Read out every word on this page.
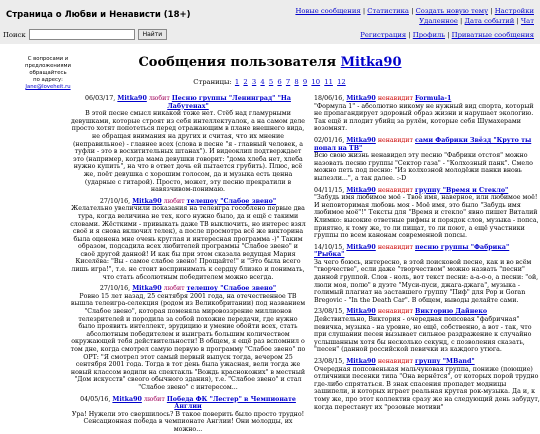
Страница о Любви и Ненависти (18+)	Новые сообщения | Статистика | Создать новую тему | Настройки
Удаленное | Дата событий | Чат
Поиск	Найти	Регистрация | Профиль | Приватные сообщения
С вопросами и
предложениями
обращайтесь
по адресу:
Jane@loveheit.ru
Сообщения пользователя Mitka90
Страницы: 1 2 3 4 5 6 7 8 9 10 11 12
06/03/17, Mitka90 любит Песню группы "Ленинград" "На Лабутенах"
В этой песне смысл никакой тоже нет. Стёб над гламурными девушками, которые строят из себя интеллектуалок, а на самом деле просто хотят попотеться перед отражающим в плане внешнего вида, не обращая внимания на других и считая, что их мнение (неправильное) - главнее всех (слова в песне "я - главный человек, а туфли - это в восхитительных штанах"). И видеоклип подтверждает это (например, когда мама девушки говорит: "дома хлеба нет, хлеба нужно купить", на что в ответ дочь ей пытается грубить). Плюс, всё же, поёт девушка с хорошим голосом, да и музыка есть ценна (ударные с гитарой). Просто, может, эту песню прекратили в навязчивом-понимаю.
27/10/16, Mitka90 любит телешоу "Слабое звено"
Желательно увеличили показания на телеигра гособлено первые два тура, когда величина не тех, кого нужно было, да и ещё с такими словами. Жёсткими - привыкать даже ТВ выключить, но интерес взял своё и я снова включил телек), а после просмотра всё же викторина была оценена мне очень круглая и интересная программа -)" Таким образом, подсадила всех любителей программы "Слабое звено" и своё другой данной! И как бы при этом сказала ведущая Мария Киселёва: "Вы - самое слабое звено! Прощайте!" и "Это была всего лишь игра!", т.е. не стоит воспринимать к сердцу близко и понимать, что стать абсолютным победителем можно всегда.
27/10/16, Mitka90 любит телешоу "Слабое звено"
Ровно 15 лет назад, 25 сентября 2001 года, на отечественное ТВ вышла телеигра-селекция (родом из Великобритании) под названием "Слабое звено", которая поменяла мировоззрение миллионов телезрителей и породила за собой похожие передачи, где нужно было проявить интеллект, эрудицию и умение обойти всех, стать абсолютным победителем и выиграть большим количеством окружающей тебя действительности! В общем, я ещё раз вспомнил о том дне, когда смотрел самую первую в программу "Слабое звено" по ОРТ: "Я смотрел этот самый первый выпуск тогда, вечером 25 сентября 2001 года. Тогда в тот день была ужасная, вели тогда же новый классом водили на спектакль "Вождь краснокожих" в местный "Дом искусств" свеого обычного здания), т.е. "Слабое звено" и стал "Слабое звено" с интересом...
04/05/16, Mitka90 любит Победа ФК "Лестер" в Чемпионате Англии
Ура! Нужели это свершилось? В такое поверить было просто трудно! Сенсационная победа в чемпионате Англии! Они молодцы, их можно...
18/06/16, Mitka90 ненавидит Formula-1
"Формула 1" - абсолютно никому не нужный вид спорта, который не пропагандирует здоровый образ жизни и нарушает экологию. Так ещё и плодит убийц за рулём, которые себя Шумахерами возомнят.
02/01/16, Mitka90 ненавидит сами Фабрики Звёзд "Круто ты попал на ТВ"
Всю свою жизнь ненавидел эту песню "Фабрики отстоя" можно назовать песню группы "Сектор газа" - "Колхозный панк". Смело можно петь под песню: "Из колхозной молодёжи панки вновь вылезли...", а так далее. :-D
04/11/15, Mitka90 ненавидит группу "Время и Стекло"
"Забудь имя любимое моё - Твоё имя, наверное, или любимое моё! И неповторимая любовь моя - Моё имя, это было "Забудь имя любимое моё"!" Тексты для "Время и стекло" явно пишет Виталий Климко: высокие ответные рифмы и порядок слов, музыка - попса, приятно, к тому же, то ли пищат, то ли поют, а ещё участники группы по всем канонам современной попсы.
14/10/15, Mitka90 ненавидит песню группы "Фабрика" "Рыбка"
За чего боюсь, интересно, в этой поисковой песне, как и во всём "творчестве", если даже "творчеством" можно назвать "песни" данной группой. Слов - ноль, вот текст песни: а-а-о-о, а песни: "ой, люли моя, полю" в дуэте "Муси-пуси, джага-джага", музыка - голимый плагиат на заставшего группу "Пиф" для Pop и Goran Bregovic - "In the Death Car". В общем, выводы делайте сами.
23/08/15, Mitka90 ненавидит Викторию Дайнеко
Действительно, Виктория - очередная попсовая "фабричная" певичка, музыка - на уровне, но ещё, собственно, а вот - так, что при слушании песен вызывает сильное раздражение к случайно услышанным хотя бы несколько секунд, с позволения сказать, "песен" (данной российской певички из каждого утюга.
23/08/15, Mitka90 ненавидит группу "MBand"
Очередная попсовенькая мальчуковая группа, пониже (поющие) отличники песенки типа "Она вернётся", от которых порой трудно где-либо спрятаться. В знак спасения пропадет модницы зашипели, и которых играет реальная крутая рок-музыка. Да и, к тому же, про этот коллектив сразу же на следующий день забудут, когда перестанут их "розовые мотиви"
